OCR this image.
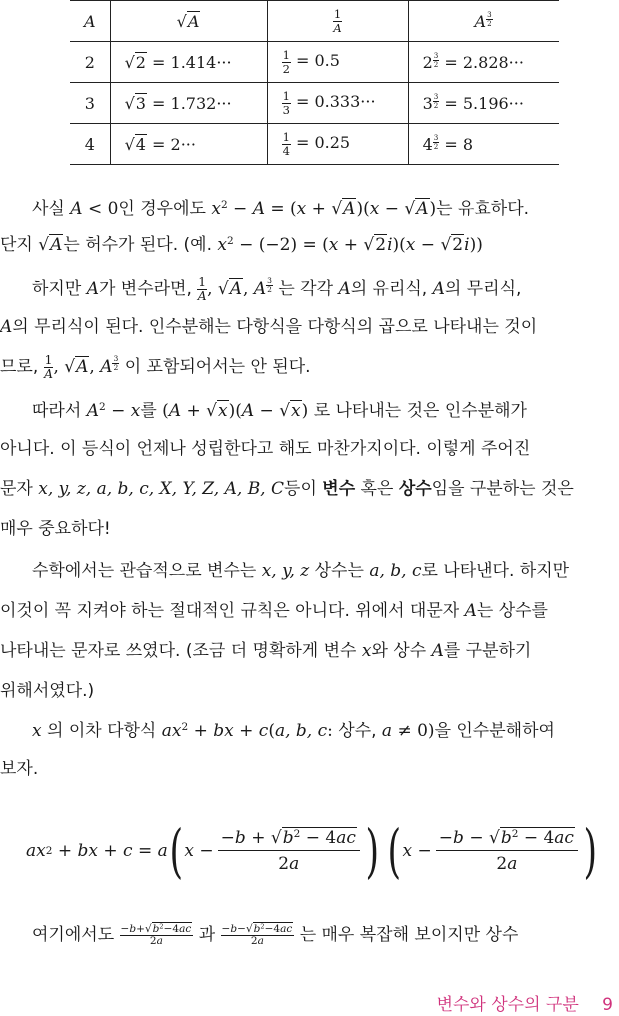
A	√A	$\frac{1}{A}$	A $^{\frac{3}{2}}$

2	√2 = 1.414···	$\frac{1}{2} = 0.5$	2 $^{\frac{3}{2}}$ = 2.828···
3	√3 = 1.732···	$\frac{1}{3} = 0.333\cdot\cdot\cdot$	3 $^{\frac{3}{2}}$ = 5.196···
4	√4 = 2···	$\frac{1}{4} = 0.25$	4 $^{\frac{3}{2}}$ = 8
사실 A < 0인 경우에도 $x^2 - A = (x + √A)(x - √A)$는 유효하다.
단지 √A는 허수가 된다. (예. $x^2 - (-2) = (x + √2i)(x - √2i)$)
하지만 A가 변수라면, $\frac{1}{A}$ , √A, A $^{\frac{3}{2}}$ 는 각각 A의 유리식, A의 무리식,
A의 무리식이 된다. 인수분해는 다항식을 다항식의 곱으로 나타내는 것이
므로, $\frac{1}{A}$ , √A, A $^{\frac{3}{2}}$ 이 포함되어서는 안 된다.
따라서 $A^2 - x$를 (A + √x)(A − √x) 로 나타내는 것은 인수분해가
아니다. 이 등식이 언제나 성립한다고 해도 마찬가지이다. 이렇게 주어진
문자 x, y, z, a, b, c, X, Y, Z, A, B, C등이 변수 혹은 상수임을 구분하는 것은
매우 중요하다!
수학에서는 관습적으로 변수는 x, y, z 상수는 a, b, c로 나타낸다. 하지만
이것이 꼭 지켜야 하는 절대적인 규칙은 아니다. 위에서 대문자 A는 상수를
나타내는 문자로 쓰였다. (조금 더 명확하게 변수 x와 상수 A를 구분하기
위해서였다.)
x 의 이차 다항식 $ax^2$ + bx + c(a, b, c: 상수, a ≠ 0)을 인수분해하여
보자.
ax 2 + bx + c = a ( $x - \frac{-b + √b^2 - 4ac}{2a}$ )
( $x - \frac{-b - √b^2 - 4ac}{2a}$ )
여기에서도 $\frac{-b+√b^2-4ac}{2a}$ 과 $\frac{-b-√b^2-4ac}{2a}$ 는 매우 복잡해 보이지만 상수
변수와 상수의 구분 9
